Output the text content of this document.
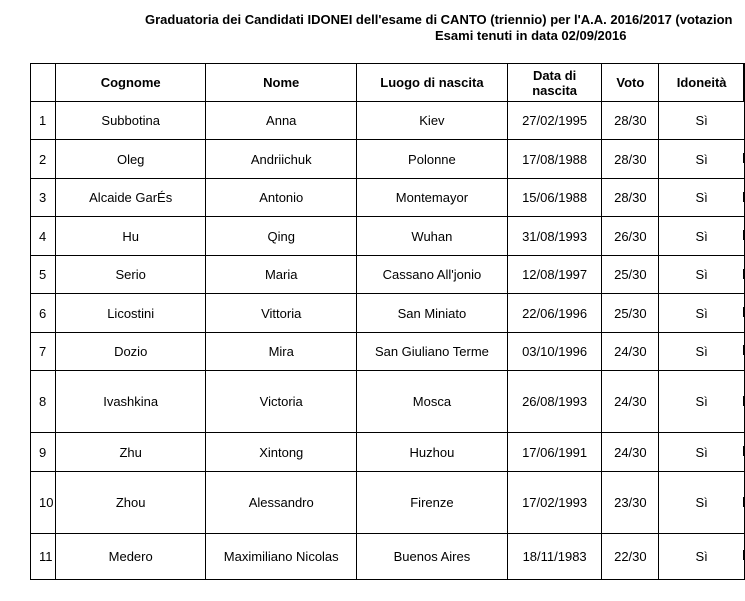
Graduatoria dei Candidati IDONEI dell'esame di CANTO (triennio) per l'A.A. 2016/2017 (votazion
Esami tenuti in data 02/09/2016
	Cognome	Nome	Luogo di nascita	Data di nascita	Voto	Idoneità
1	Subbotina	Anna	Kiev	27/02/1995	28/30	Sì
2	Oleg	Andriichuk	Polonne	17/08/1988	28/30	Sì
3	Alcaide GarÉs	Antonio	Montemayor	15/06/1988	28/30	Sì
4	Hu	Qing	Wuhan	31/08/1993	26/30	Sì
5	Serio	Maria	Cassano All'jonio	12/08/1997	25/30	Sì
6	Licostini	Vittoria	San Miniato	22/06/1996	25/30	Sì
7	Dozio	Mira	San Giuliano Terme	03/10/1996	24/30	Sì
8	Ivashkina	Victoria	Mosca	26/08/1993	24/30	Sì
9	Zhu	Xintong	Huzhou	17/06/1991	24/30	Sì
10	Zhou	Alessandro	Firenze	17/02/1993	23/30	Sì
11	Medero	Maximiliano Nicolas	Buenos Aires	18/11/1983	22/30	Sì
